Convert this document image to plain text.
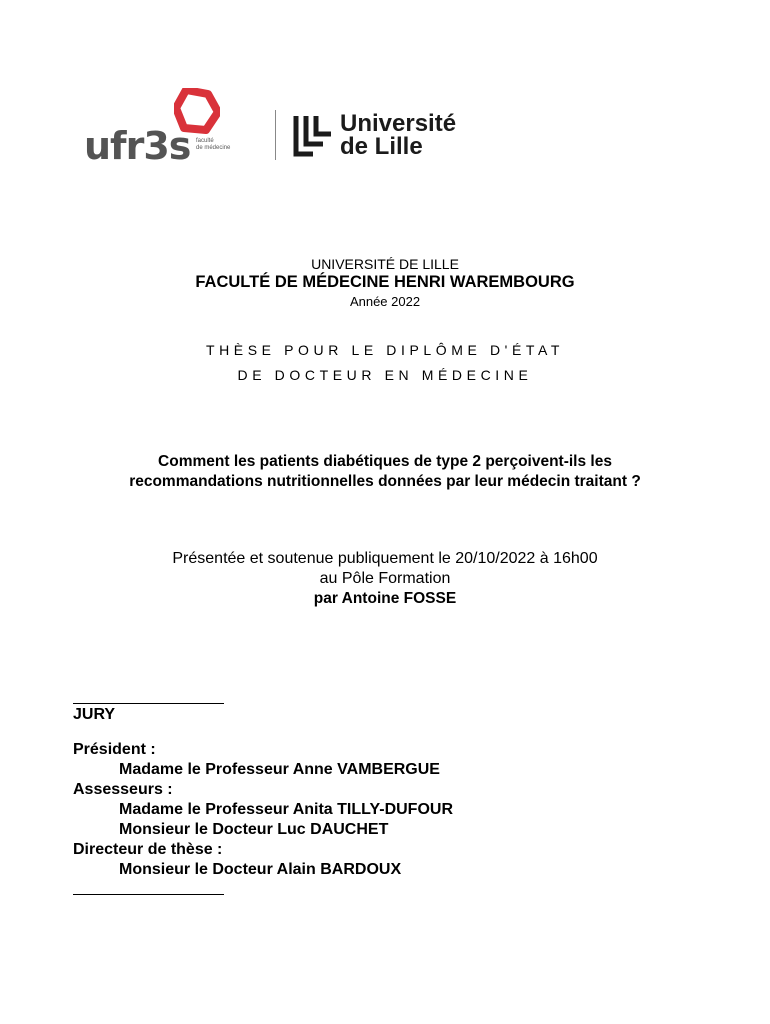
ufr3s faculté
de médecine
Université
de Lille
UNIVERSITÉ DE LILLE
FACULTÉ DE MÉDECINE HENRI WAREMBOURG
Année 2022
THÈSE POUR LE DIPLÔME D'ÉTAT
DE DOCTEUR EN MÉDECINE
Comment les patients diabétiques de type 2 perçoivent-ils les
recommandations nutritionnelles données par leur médecin traitant ?
Présentée et soutenue publiquement le 20/10/2022 à 16h00
au Pôle Formation
par Antoine FOSSE
JURY
Président :
Madame le Professeur Anne VAMBERGUE
Assesseurs :
Madame le Professeur Anita TILLY-DUFOUR
Monsieur le Docteur Luc DAUCHET
Directeur de thèse :
Monsieur le Docteur Alain BARDOUX
